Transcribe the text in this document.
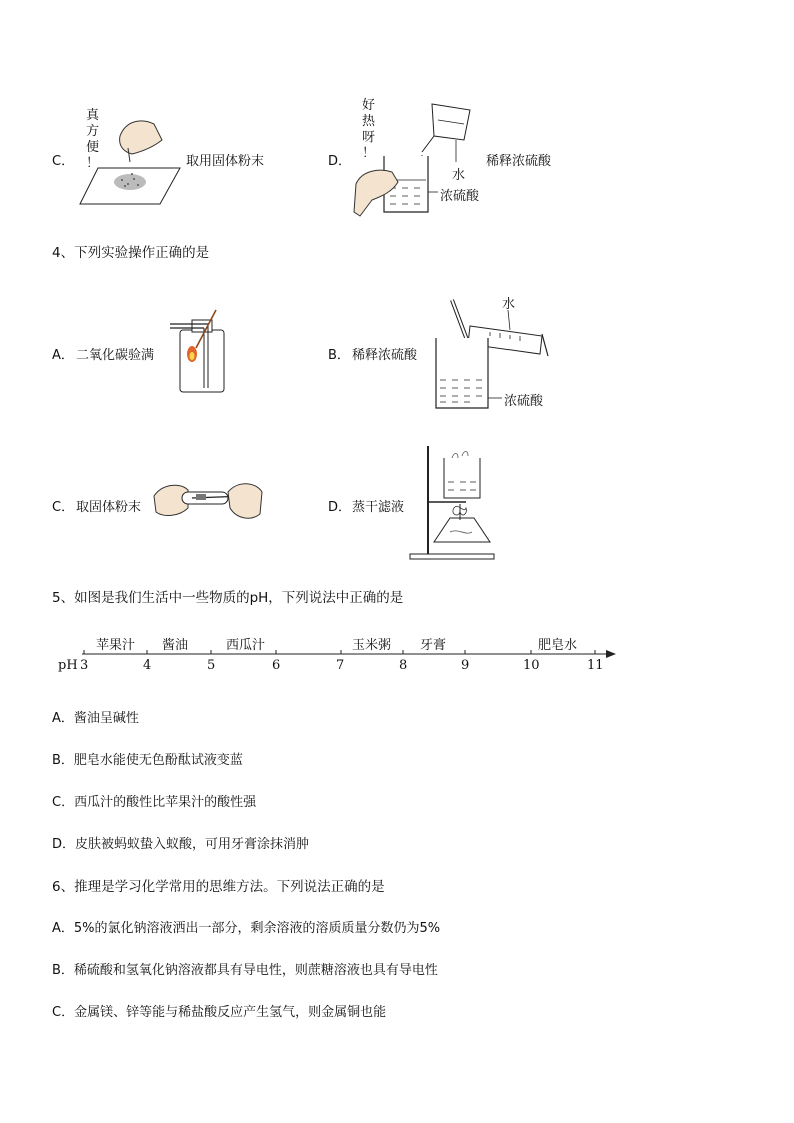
C．
真
方
便
！	取用固体粉末	D．
好
热
呀
！
水
浓硫酸
稀释浓硫酸
4、下列实验操作正确的是
A． 二氧化碳验满	B． 稀释浓硫酸
水
浓硫酸
C． 取固体粉末	D． 蒸干滤液
5、如图是我们生活中一些物质的pH，下列说法中正确的是
pH 3	4	5	6	7	8	9	10	11
苹果汁 酱油	西瓜汁	玉米粥 牙膏	肥皂水
A．酱油呈碱性
B．肥皂水能使无色酚酞试液变蓝
C．西瓜汁的酸性比苹果汁的酸性强
D．皮肤被蚂蚁蛰入蚁酸，可用牙膏涂抹消肿
6、推理是学习化学常用的思维方法。下列说法正确的是
A．5%的氯化钠溶液洒出一部分，剩余溶液的溶质质量分数仍为5%
B．稀硫酸和氢氧化钠溶液都具有导电性，则蔗糖溶液也具有导电性
C．金属镁、锌等能与稀盐酸反应产生氢气，则金属铜也能
